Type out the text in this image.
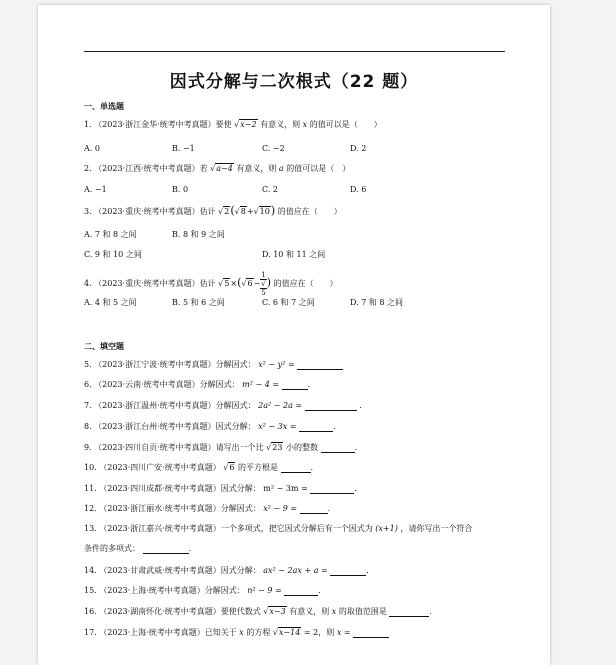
因式分解与二次根式（22 题）
一、单选题
1. （2023·浙江金华·统考中考真题）要使 √x−2 有意义，则 x 的值可以是（　　）
A. 0	B. −1	C. −2	D. 2
2. （2023·江西·统考中考真题）若 √a−4 有意义，则 a 的值可以是（　）
A. −1	B. 0	C. 2	D. 6
3. （2023·重庆·统考中考真题）估计 √2(√8+√10) 的值应在（　　）
A. 7 和 8 之间	B. 8 和 9 之间
C. 9 和 10 之间	D. 10 和 11 之间
4. （2023·重庆·统考中考真题）估计 √5×(√6− 1
√
5 ) 的值应在（　　）
A. 4 和 5 之间	B. 5 和 6 之间	C. 6 和 7 之间	D. 7 和 8 之间
二、填空题
5. （2023·浙江宁波·统考中考真题）分解因式： x² − y² =
6. （2023·云南·统考中考真题）分解因式： m² − 4 =	.
7. （2023·浙江温州·统考中考真题）分解因式： 2a² − 2a =	.
8. （2023·浙江台州·统考中考真题）因式分解： x² − 3x =	.
9. （2023·四川自贡·统考中考真题）请写出一个比 √23 小的整数	.
10. （2023·四川广安·统考中考真题） √6 的平方根是	.
11. （2023·四川成都·统考中考真题）因式分解： m² − 3m =	.
12. （2023·浙江丽水·统考中考真题）分解因式： x² − 9 =	.
13. （2023·浙江嘉兴·统考中考真题）一个多项式，把它因式分解后有一个因式为 (x+1) ，请你写出一个符合
条件的多项式：	.
14. （2023·甘肃武威·统考中考真题）因式分解： ax² − 2ax + a =	.
15. （2023·上海·统考中考真题）分解因式： n² − 9 =	.
16. （2023·湖南怀化·统考中考真题）要使代数式 √x−3 有意义，则 x 的取值范围是	.
17. （2023·上海·统考中考真题）已知关于 x 的方程 √x−14 = 2，则 x =
